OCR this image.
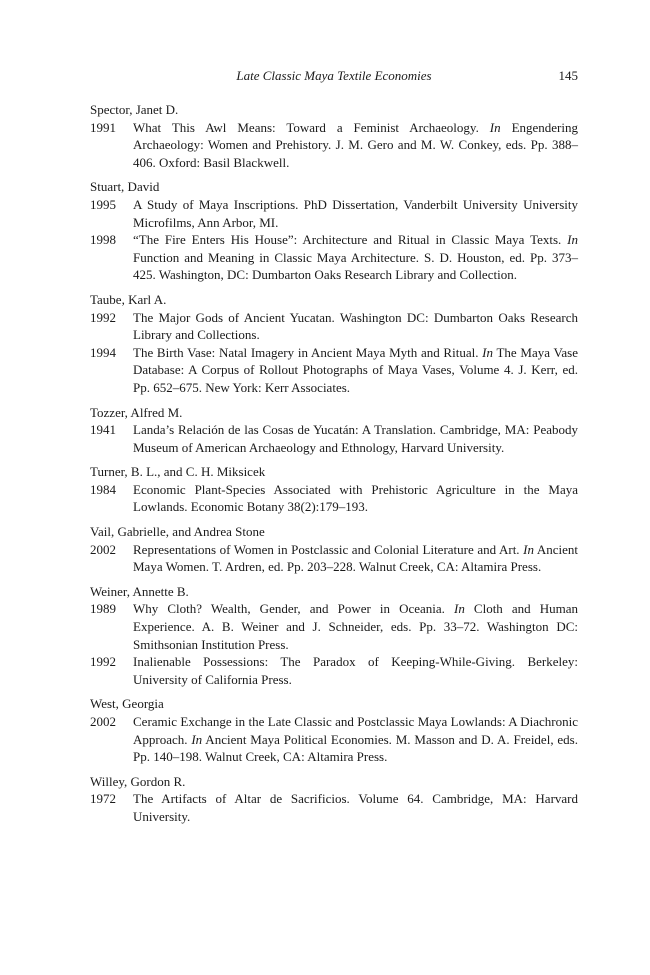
Late Classic Maya Textile Economies	145
Spector, Janet D.
1991 What This Awl Means: Toward a Feminist Archaeology. In Engendering Archaeology: Women and Prehistory. J. M. Gero and M. W. Conkey, eds. Pp. 388–406. Oxford: Basil Blackwell.
Stuart, David
1995 A Study of Maya Inscriptions. PhD Dissertation, Vanderbilt University University Microfilms, Ann Arbor, MI.
1998 “The Fire Enters His House”: Architecture and Ritual in Classic Maya Texts. In Function and Meaning in Classic Maya Architecture. S. D. Houston, ed. Pp. 373–425. Washington, DC: Dumbarton Oaks Research Library and Collection.
Taube, Karl A.
1992 The Major Gods of Ancient Yucatan. Washington DC: Dumbarton Oaks Research Library and Collections.
1994 The Birth Vase: Natal Imagery in Ancient Maya Myth and Ritual. In The Maya Vase Database: A Corpus of Rollout Photographs of Maya Vases, Volume 4. J. Kerr, ed. Pp. 652–675. New York: Kerr Associates.
Tozzer, Alfred M.
1941 Landa’s Relación de las Cosas de Yucatán: A Translation. Cambridge, MA: Peabody Museum of American Archaeology and Ethnology, Harvard University.
Turner, B. L., and C. H. Miksicek
1984 Economic Plant-Species Associated with Prehistoric Agriculture in the Maya Lowlands. Economic Botany 38(2):179–193.
Vail, Gabrielle, and Andrea Stone
2002 Representations of Women in Postclassic and Colonial Literature and Art. In Ancient Maya Women. T. Ardren, ed. Pp. 203–228. Walnut Creek, CA: Altamira Press.
Weiner, Annette B.
1989 Why Cloth? Wealth, Gender, and Power in Oceania. In Cloth and Human Experience. A. B. Weiner and J. Schneider, eds. Pp. 33–72. Washington DC: Smithsonian Institution Press.
1992 Inalienable Possessions: The Paradox of Keeping-While-Giving. Berkeley: University of California Press.
West, Georgia
2002 Ceramic Exchange in the Late Classic and Postclassic Maya Lowlands: A Diachronic Approach. In Ancient Maya Political Economies. M. Masson and D. A. Freidel, eds. Pp. 140–198. Walnut Creek, CA: Altamira Press.
Willey, Gordon R.
1972 The Artifacts of Altar de Sacrificios. Volume 64. Cambridge, MA: Harvard University.
